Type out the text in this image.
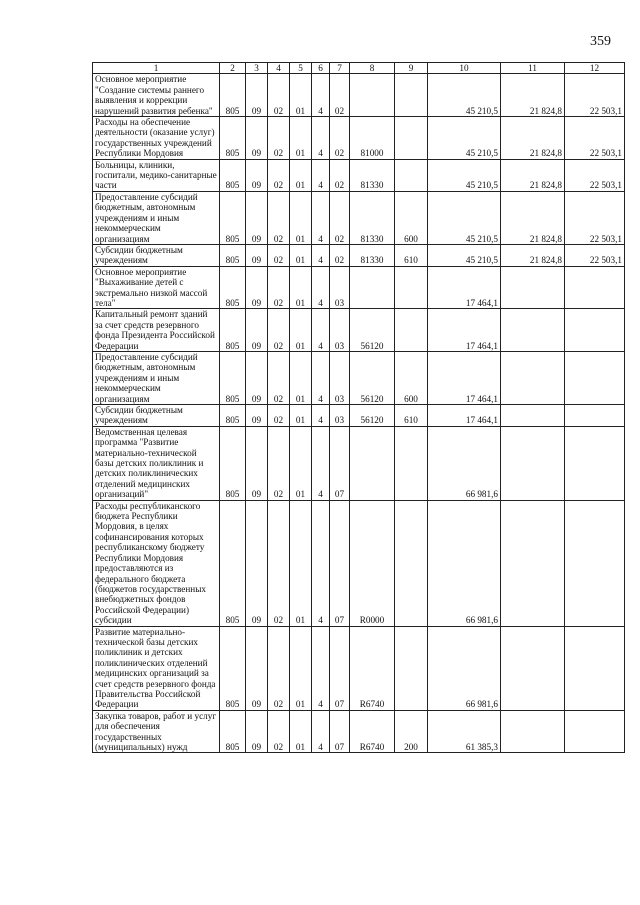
359
1	2	3	4	5	6	7	8	9	10	11	12
Основное мероприятие "Создание системы раннего выявления и коррекции нарушений развития ребенка"	805	09	02	01	4	02			45 210,5	21 824,8	22 503,1
Расходы на обеспечение деятельности (оказание услуг) государственных учреждений Республики Мордовия	805	09	02	01	4	02	81000		45 210,5	21 824,8	22 503,1
Больницы, клиники, госпитали, медико-санитарные части	805	09	02	01	4	02	81330		45 210,5	21 824,8	22 503,1
Предоставление субсидий бюджетным, автономным учреждениям и иным некоммерческим организациям	805	09	02	01	4	02	81330	600	45 210,5	21 824,8	22 503,1
Субсидии бюджетным учреждениям	805	09	02	01	4	02	81330	610	45 210,5	21 824,8	22 503,1
Основное мероприятие "Выхаживание детей с экстремально низкой массой тела"	805	09	02	01	4	03			17 464,1		
Капитальный ремонт зданий за счет средств резервного фонда Президента Российской Федерации	805	09	02	01	4	03	56120		17 464,1		
Предоставление субсидий бюджетным, автономным учреждениям и иным некоммерческим организациям	805	09	02	01	4	03	56120	600	17 464,1		
Субсидии бюджетным учреждениям	805	09	02	01	4	03	56120	610	17 464,1		
Ведомственная целевая программа "Развитие материально-технической базы детских поликлиник и детских поликлинических отделений медицинских организаций"	805	09	02	01	4	07			66 981,6		
Расходы республиканского бюджета Республики Мордовия, в целях софинансирования которых республиканскому бюджету Республики Мордовия предоставляются из федерального бюджета (бюджетов государственных внебюджетных фондов Российской Федерации) субсидии	805	09	02	01	4	07	R0000		66 981,6		
Развитие материально-технической базы детских поликлиник и детских поликлинических отделений медицинских организаций за счет средств резервного фонда Правительства Российской Федерации	805	09	02	01	4	07	R6740		66 981,6		
Закупка товаров, работ и услуг для обеспечения государственных (муниципальных) нужд	805	09	02	01	4	07	R6740	200	61 385,3		
